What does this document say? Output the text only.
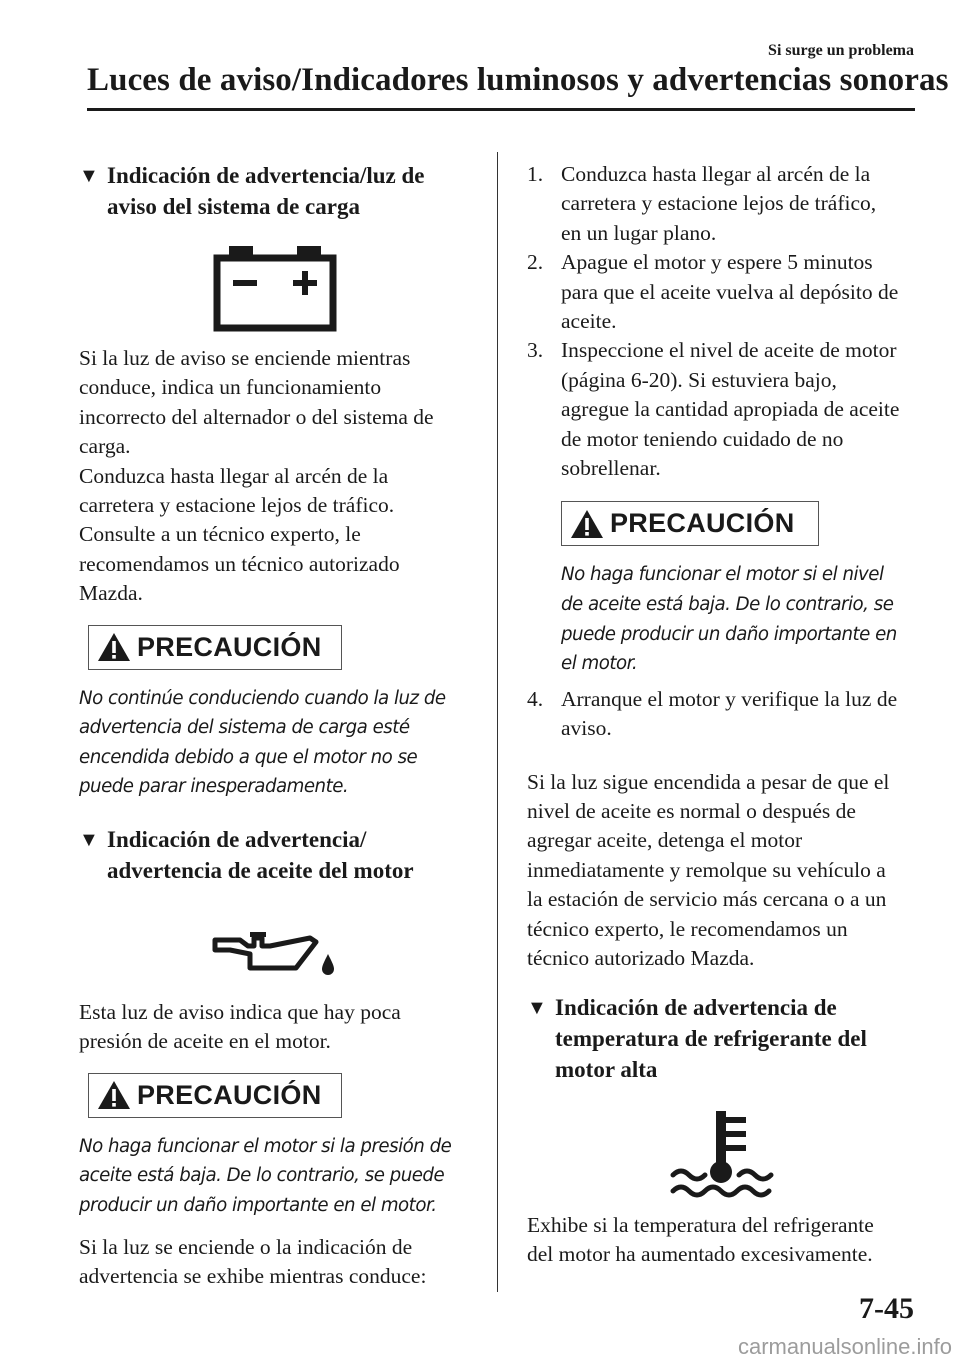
Si surge un problema
Luces de aviso/Indicadores luminosos y advertencias sonoras
▼ Indicación de advertencia/luz de
aviso del sistema de carga
Si la luz de aviso se enciende mientras
conduce, indica un funcionamiento
incorrecto del alternador o del sistema de
carga.
Conduzca hasta llegar al arcén de la
carretera y estacione lejos de tráfico.
Consulte a un técnico experto, le
recomendamos un técnico autorizado
Mazda.
PRECAUCIÓN
No continúe conduciendo cuando la luz de
advertencia del sistema de carga esté
encendida debido a que el motor no se
puede parar inesperadamente.
▼ Indicación de advertencia/
advertencia de aceite del motor
Esta luz de aviso indica que hay poca
presión de aceite en el motor.
PRECAUCIÓN
No haga funcionar el motor si la presión de
aceite está baja. De lo contrario, se puede
producir un daño importante en el motor.
Si la luz se enciende o la indicación de
advertencia se exhibe mientras conduce:
1. Conduzca hasta llegar al arcén de la
carretera y estacione lejos de tráfico,
en un lugar plano.
2. Apague el motor y espere 5 minutos
para que el aceite vuelva al depósito de
aceite.
3. Inspeccione el nivel de aceite de motor
(página 6-20). Si estuviera bajo,
agregue la cantidad apropiada de aceite
de motor teniendo cuidado de no
sobrellenar.
PRECAUCIÓN
No haga funcionar el motor si el nivel
de aceite está baja. De lo contrario, se
puede producir un daño importante en
el motor.
4. Arranque el motor y verifique la luz de
aviso.
Si la luz sigue encendida a pesar de que el
nivel de aceite es normal o después de
agregar aceite, detenga el motor
inmediatamente y remolque su vehículo a
la estación de servicio más cercana o a un
técnico experto, le recomendamos un
técnico autorizado Mazda.
▼ Indicación de advertencia de
temperatura de refrigerante del
motor alta
Exhibe si la temperatura del refrigerante
del motor ha aumentado excesivamente.
7-45
carmanualsonline.info
